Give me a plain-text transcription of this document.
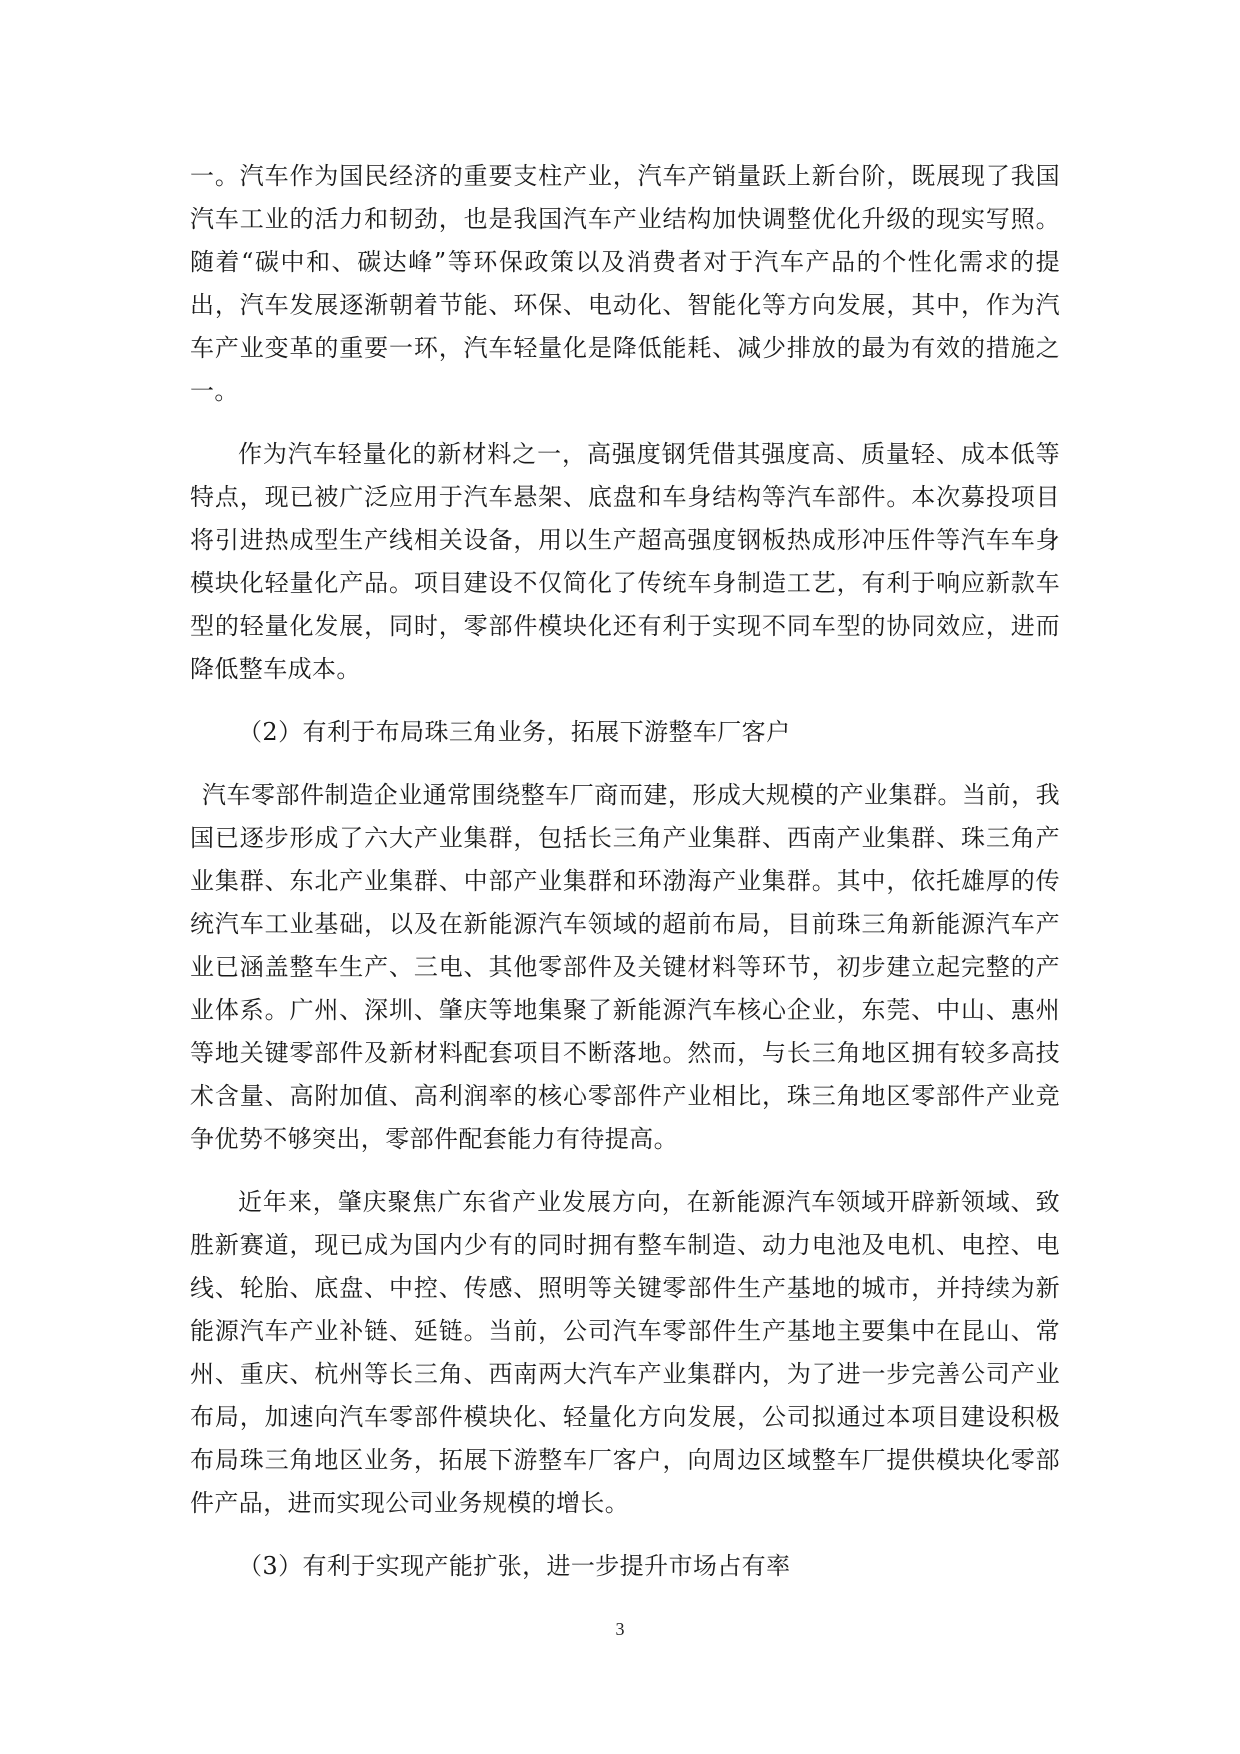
一。汽车作为国民经济的重要支柱产业，汽车产销量跃上新台阶，既展现了我国汽车工业的活力和韧劲，也是我国汽车产业结构加快调整优化升级的现实写照。随着“碳中和、碳达峰”等环保政策以及消费者对于汽车产品的个性化需求的提出，汽车发展逐渐朝着节能、环保、电动化、智能化等方向发展，其中，作为汽车产业变革的重要一环，汽车轻量化是降低能耗、减少排放的最为有效的措施之一。

作为汽车轻量化的新材料之一，高强度钢凭借其强度高、质量轻、成本低等特点，现已被广泛应用于汽车悬架、底盘和车身结构等汽车部件。本次募投项目将引进热成型生产线相关设备，用以生产超高强度钢板热成形冲压件等汽车车身模块化轻量化产品。项目建设不仅简化了传统车身制造工艺，有利于响应新款车型的轻量化发展，同时，零部件模块化还有利于实现不同车型的协同效应，进而降低整车成本。

（2）有利于布局珠三角业务，拓展下游整车厂客户

汽车零部件制造企业通常围绕整车厂商而建，形成大规模的产业集群。当前，我国已逐步形成了六大产业集群，包括长三角产业集群、西南产业集群、珠三角产业集群、东北产业集群、中部产业集群和环渤海产业集群。其中，依托雄厚的传统汽车工业基础，以及在新能源汽车领域的超前布局，目前珠三角新能源汽车产业已涵盖整车生产、三电、其他零部件及关键材料等环节，初步建立起完整的产业体系。广州、深圳、肇庆等地集聚了新能源汽车核心企业，东莞、中山、惠州等地关键零部件及新材料配套项目不断落地。然而，与长三角地区拥有较多高技术含量、高附加值、高利润率的核心零部件产业相比，珠三角地区零部件产业竞争优势不够突出，零部件配套能力有待提高。

近年来，肇庆聚焦广东省产业发展方向，在新能源汽车领域开辟新领域、致胜新赛道，现已成为国内少有的同时拥有整车制造、动力电池及电机、电控、电线、轮胎、底盘、中控、传感、照明等关键零部件生产基地的城市，并持续为新能源汽车产业补链、延链。当前，公司汽车零部件生产基地主要集中在昆山、常州、重庆、杭州等长三角、西南两大汽车产业集群内，为了进一步完善公司产业布局，加速向汽车零部件模块化、轻量化方向发展，公司拟通过本项目建设积极布局珠三角地区业务，拓展下游整车厂客户，向周边区域整车厂提供模块化零部件产品，进而实现公司业务规模的增长。

（3）有利于实现产能扩张，进一步提升市场占有率

3
